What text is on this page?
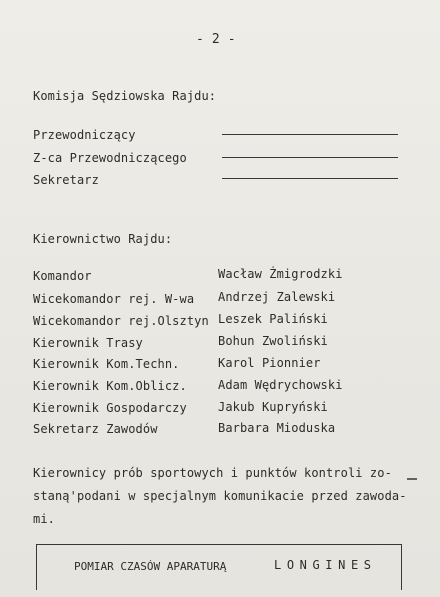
- 2 -
Komisja Sędziowska Rajdu:
Przewodniczący
Z-ca Przewodniczącego
Sekretarz
Kierownictwo Rajdu:
Komandor	Wacław Żmigrodzki
Wicekomandor rej. W-wa Andrzej Zalewski
Wicekomandor rej.Olsztyn Leszek Paliński
Kierownik Trasy	Bohun Zwoliński
Kierownik Kom.Techn.	Karol Pionnier
Kierownik Kom.Oblicz.	Adam Wędrychowski
Kierownik Gospodarczy	Jakub Kupryński
Sekretarz Zawodów	Barbara Mioduska
Kierownicy prób sportowych i punktów kontroli zo-
staną'podani w specjalnym komunikacie przed zawoda-
mi.
POMIAR CZASÓW APARATURĄ	LONGINES
